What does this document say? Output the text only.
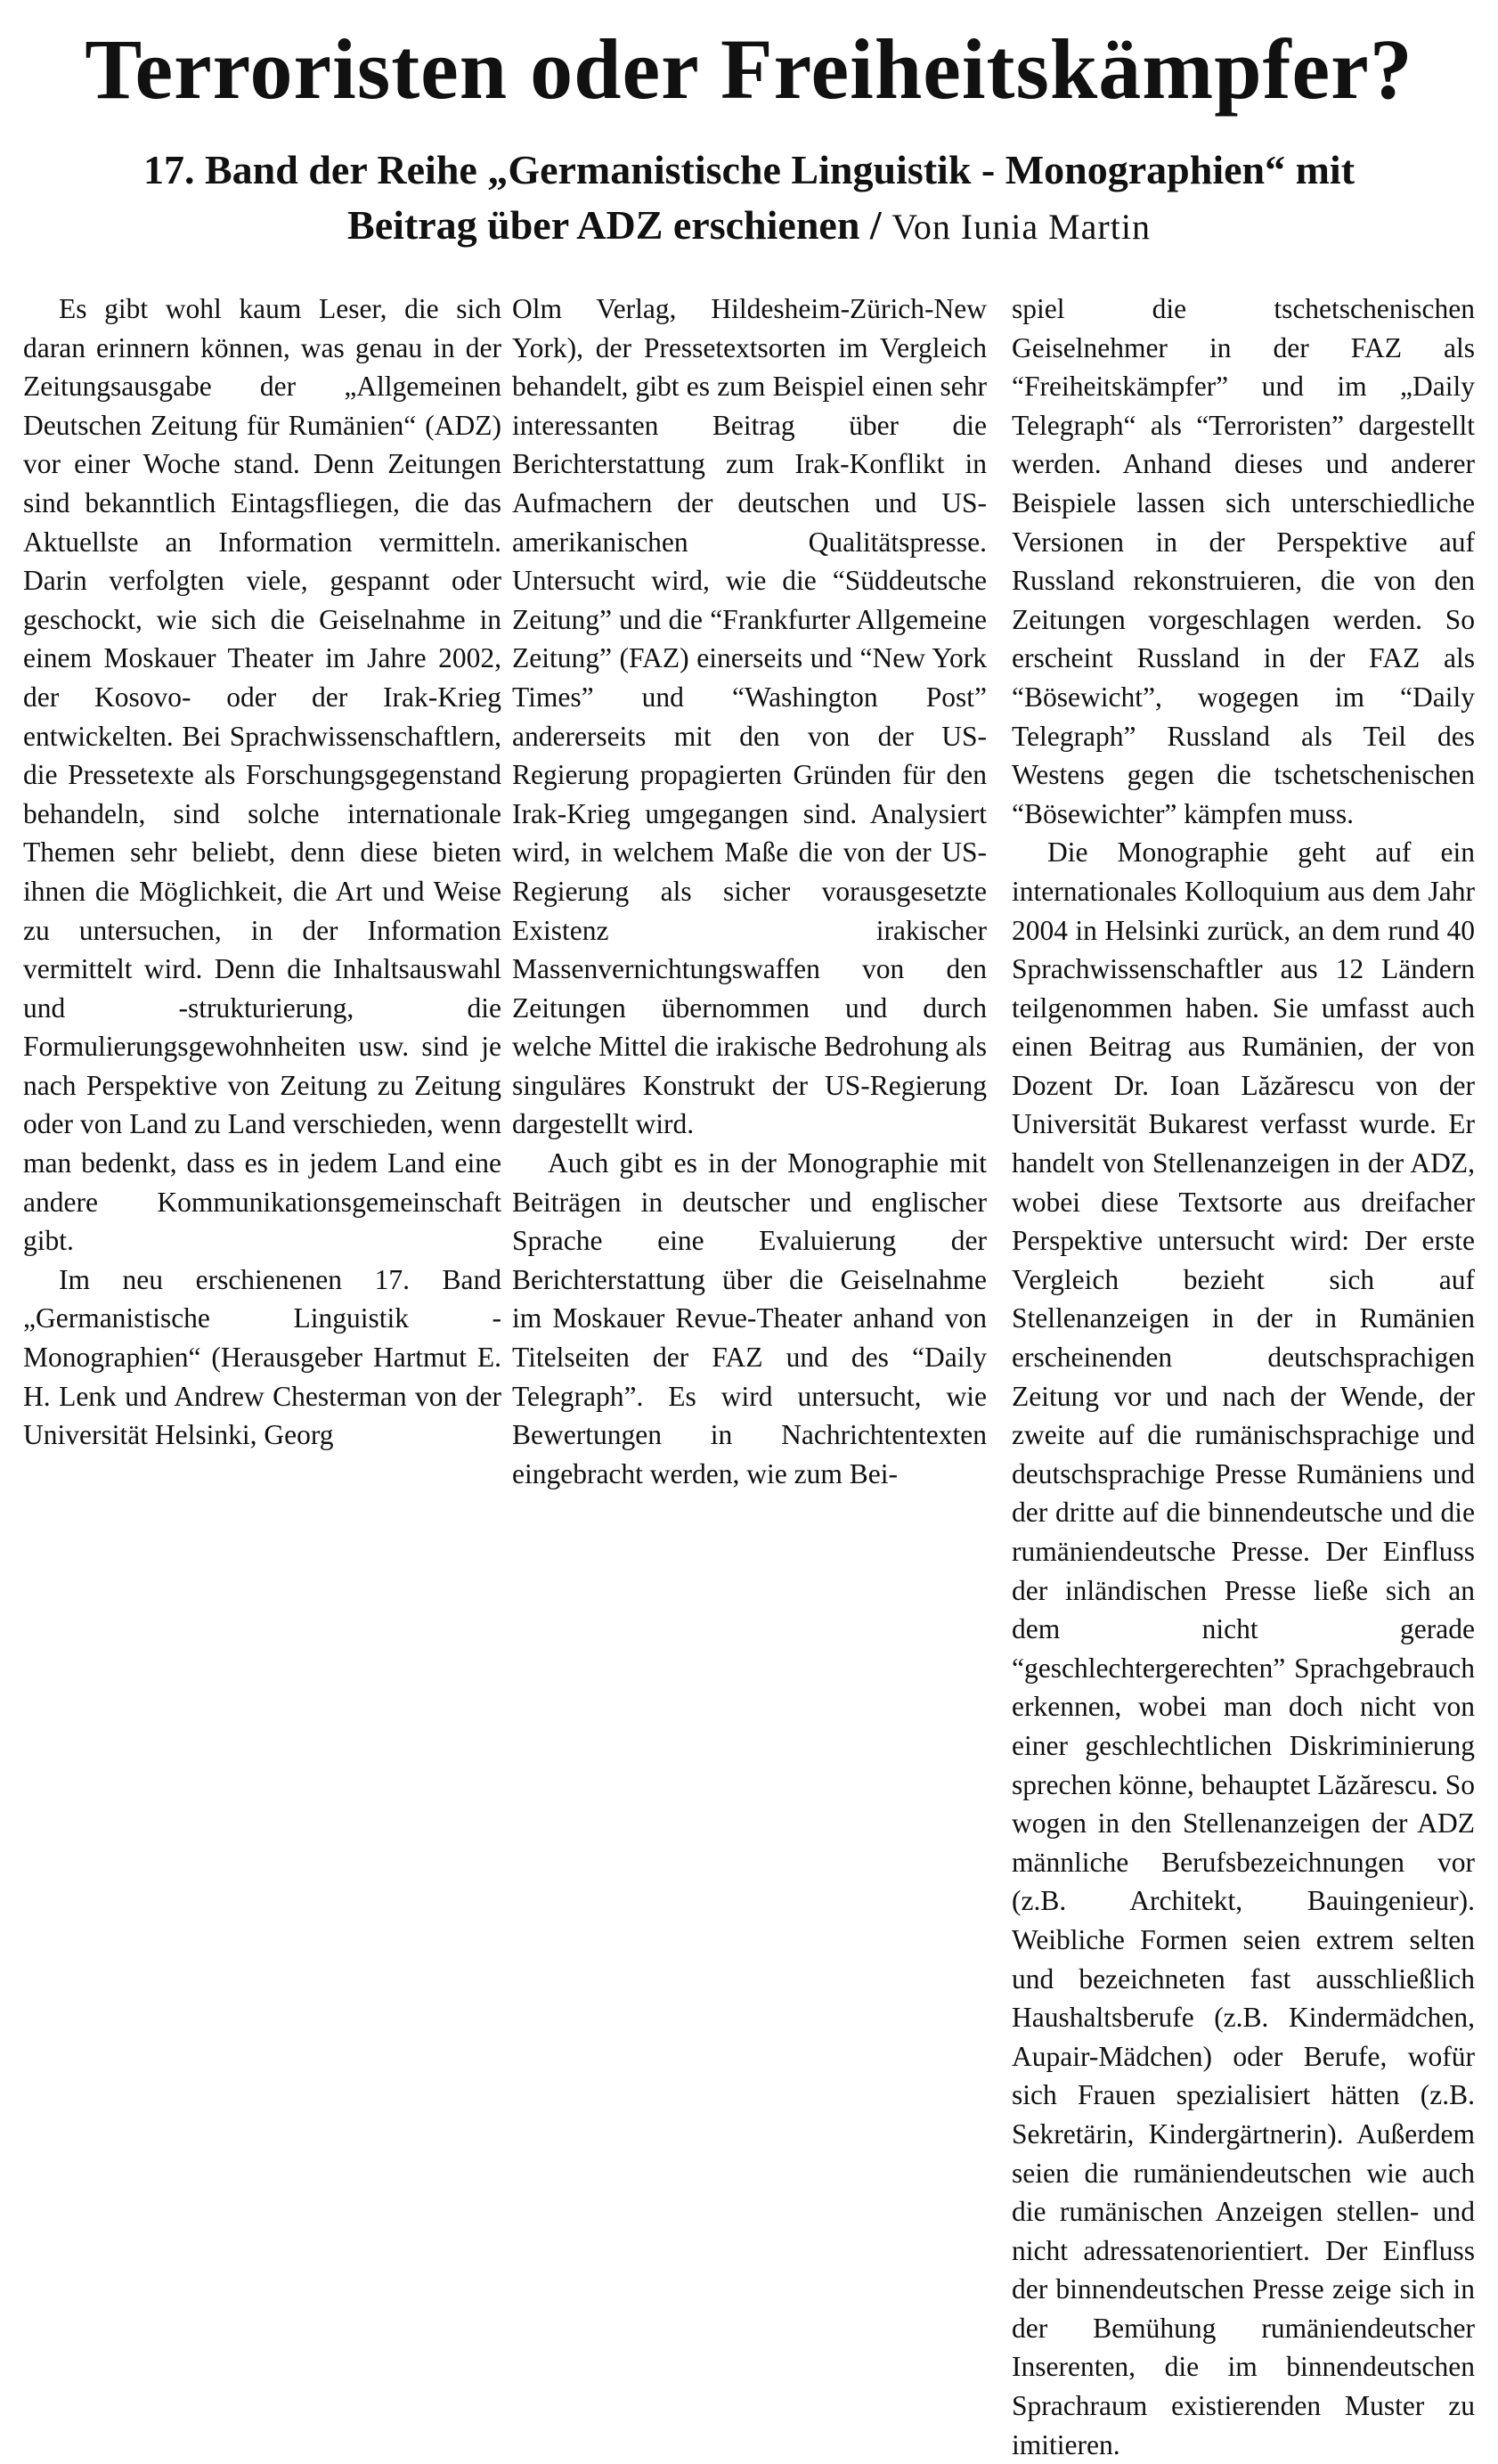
Terroristen oder Freiheitskämpfer?
17. Band der Reihe „Germanistische Linguistik - Monographien“ mit
Beitrag über ADZ erschienen / Von Iunia Martin

Es gibt wohl kaum Leser, die sich daran erinnern können, was genau in der Zeitungsausgabe der „Allgemeinen Deutschen Zeitung für Rumänien“ (ADZ) vor einer Woche stand. Denn Zeitungen sind bekanntlich Eintagsfliegen, die das Aktuellste an Information vermitteln. Darin verfolgten viele, gespannt oder geschockt, wie sich die Geiselnahme in einem Moskauer Theater im Jahre 2002, der Kosovo- oder der Irak-Krieg entwickelten. Bei Sprachwissenschaftlern, die Pressetexte als Forschungsgegenstand behandeln, sind solche internationale Themen sehr beliebt, denn diese bieten ihnen die Möglichkeit, die Art und Weise zu untersuchen, in der Information vermittelt wird. Denn die Inhaltsauswahl und -strukturierung, die Formulierungsgewohnheiten usw. sind je nach Perspektive von Zeitung zu Zeitung oder von Land zu Land verschieden, wenn man bedenkt, dass es in jedem Land eine andere Kommunikationsgemeinschaft gibt.

Im neu erschienenen 17. Band „Germanistische Linguistik - Monographien“ (Herausgeber Hartmut E. H. Lenk und Andrew Chesterman von der Universität Helsinki, Georg

Olm Verlag, Hildesheim-Zürich-New York), der Pressetextsorten im Vergleich behandelt, gibt es zum Beispiel einen sehr interessanten Beitrag über die Berichterstattung zum Irak-Konflikt in Aufmachern der deutschen und US-amerikanischen Qualitätspresse. Untersucht wird, wie die “Süddeutsche Zeitung” und die “Frankfurter Allgemeine Zeitung” (FAZ) einerseits und “New York Times” und “Washington Post” andererseits mit den von der US-Regierung propagierten Gründen für den Irak-Krieg umgegangen sind. Analysiert wird, in welchem Maße die von der US-Regierung als sicher vorausgesetzte Existenz irakischer Massenvernichtungswaffen von den Zeitungen übernommen und durch welche Mittel die irakische Bedrohung als singuläres Konstrukt der US-Regierung dargestellt wird.

Auch gibt es in der Monographie mit Beiträgen in deutscher und englischer Sprache eine Evaluierung der Berichterstattung über die Geiselnahme im Moskauer Revue-Theater anhand von Titelseiten der FAZ und des “Daily Telegraph”. Es wird untersucht, wie Bewertungen in Nachrichtentexten eingebracht werden, wie zum Bei-

spiel die tschetschenischen Geiselnehmer in der FAZ als “Freiheitskämpfer” und im „Daily Telegraph“ als “Terroristen” dargestellt werden. Anhand dieses und anderer Beispiele lassen sich unterschiedliche Versionen in der Perspektive auf Russland rekonstruieren, die von den Zeitungen vorgeschlagen werden. So erscheint Russland in der FAZ als “Bösewicht”, wogegen im “Daily Telegraph” Russland als Teil des Westens gegen die tschetschenischen “Bösewichter” kämpfen muss.

Die Monographie geht auf ein internationales Kolloquium aus dem Jahr 2004 in Helsinki zurück, an dem rund 40 Sprachwissenschaftler aus 12 Ländern teilgenommen haben. Sie umfasst auch einen Beitrag aus Rumänien, der von Dozent Dr. Ioan Lăzărescu von der Universität Bukarest verfasst wurde. Er handelt von Stellenanzeigen in der ADZ, wobei diese Textsorte aus dreifacher Perspektive untersucht wird: Der erste Vergleich bezieht sich auf Stellenanzeigen in der in Rumänien erscheinenden deutschsprachigen Zeitung vor und nach der Wende, der zweite auf die rumänischsprachige und deutschsprachige Presse Rumäniens und der dritte auf die binnendeutsche und die rumäniendeutsche Presse. Der Einfluss der inländischen Presse ließe sich an dem nicht gerade “geschlechtergerechten” Sprachgebrauch erkennen, wobei man doch nicht von einer geschlechtlichen Diskriminierung sprechen könne, behauptet Lăzărescu. So wogen in den Stellenanzeigen der ADZ männliche Berufsbezeichnungen vor (z.B. Architekt, Bauingenieur). Weibliche Formen seien extrem selten und bezeichneten fast ausschließlich Haushaltsberufe (z.B. Kindermädchen, Aupair-Mädchen) oder Berufe, wofür sich Frauen spezialisiert hätten (z.B. Sekretärin, Kindergärtnerin). Außerdem seien die rumäniendeutschen wie auch die rumänischen Anzeigen stellen- und nicht adressatenorientiert. Der Einfluss der binnendeutschen Presse zeige sich in der Bemühung rumäniendeutscher Inserenten, die im binnendeutschen Sprachraum existierenden Muster zu imitieren.
